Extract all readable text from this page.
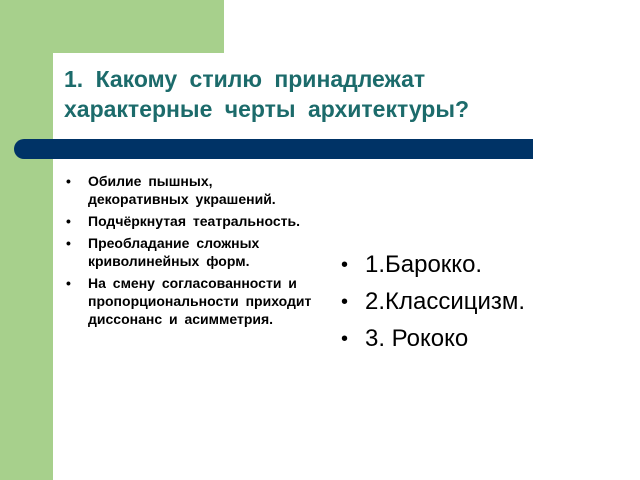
1. Какому стилю принадлежат
характерные черты архитектуры?
• Обилие пышных, декоративных украшений.
• Подчёркнутая театральность.
• Преобладание сложных криволинейных форм.
• На смену согласованности и пропорциональности приходит диссонанс и асимметрия.
• 1.Барокко.
• 2.Классицизм.
• 3. Рококо
